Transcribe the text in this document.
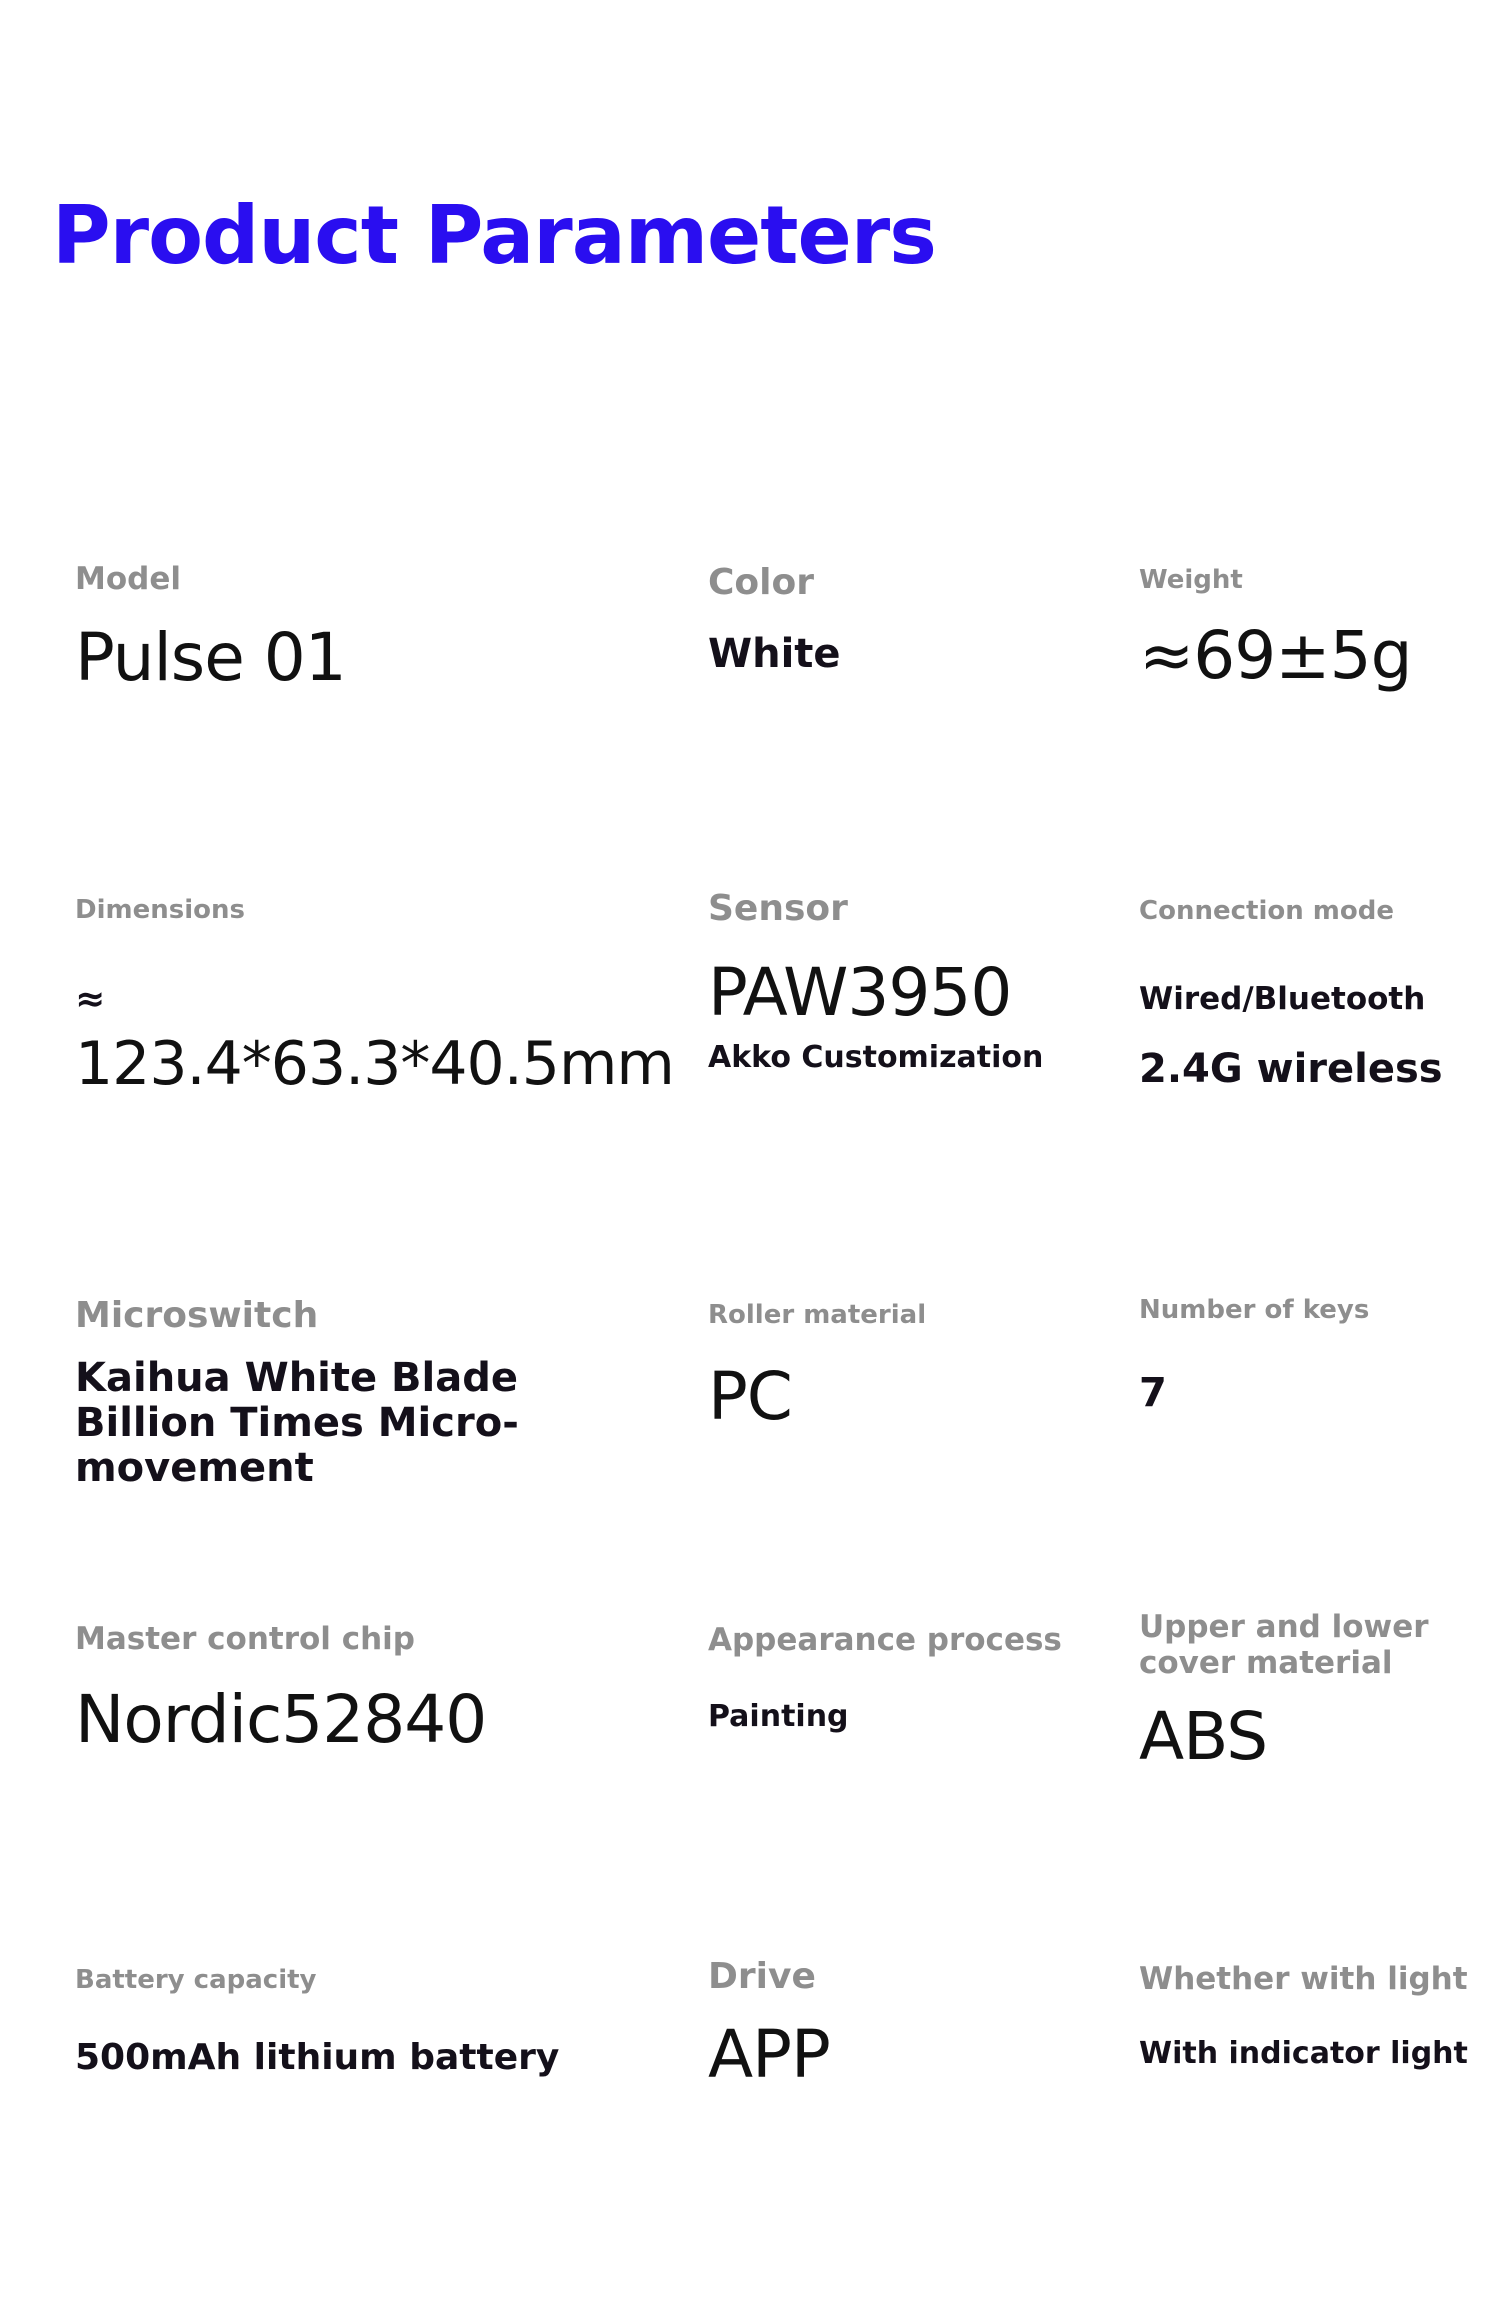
Product Parameters
Model
Pulse 01
Color
White
Weight
≈69±5g
Dimensions
≈
123.4*63.3*40.5mm
Sensor
PAW3950
Akko Customization
Connection mode
Wired/Bluetooth
2.4G wireless
Microswitch
Kaihua White Blade Billion Times Micro-movement
Roller material
PC
Number of keys
7
Master control chip
Nordic52840
Appearance process
Painting
Upper and lower cover material
ABS
Battery capacity
500mAh lithium battery
Drive
APP
Whether with light
With indicator light
